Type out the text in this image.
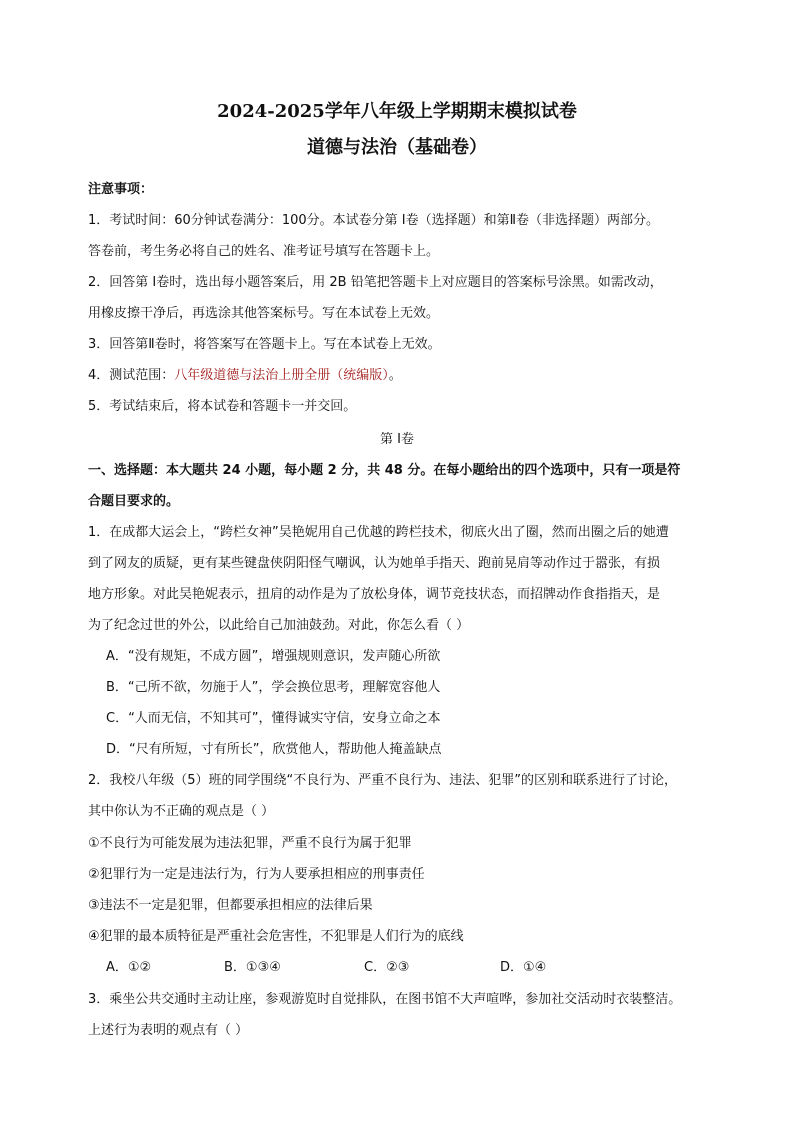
2024-2025学年八年级上学期期末模拟试卷
道德与法治（基础卷）
注意事项：
1．考试时间：60分钟试卷满分：100分。本试卷分第 Ⅰ卷（选择题）和第Ⅱ卷（非选择题）两部分。
答卷前，考生务必将自己的姓名、准考证号填写在答题卡上。
2．回答第 Ⅰ卷时，选出每小题答案后，用 2B 铅笔把答题卡上对应题目的答案标号涂黑。如需改动，
用橡皮擦干净后，再选涂其他答案标号。写在本试卷上无效。
3．回答第Ⅱ卷时，将答案写在答题卡上。写在本试卷上无效。
4．测试范围：八年级道德与法治上册全册（统编版）。
5．考试结束后，将本试卷和答题卡一并交回。
第 Ⅰ卷
一、选择题：本大题共 24 小题，每小题 2 分，共 48 分。在每小题给出的四个选项中，只有一项是符
合题目要求的。
1．在成都大运会上，“跨栏女神”吴艳妮用自己优越的跨栏技术，彻底火出了圈，然而出圈之后的她遭
到了网友的质疑，更有某些键盘侠阴阳怪气嘲讽，认为她单手指天、跑前晃肩等动作过于嚣张，有损
地方形象。对此吴艳妮表示，扭肩的动作是为了放松身体，调节竞技状态，而招牌动作食指指天，是
为了纪念过世的外公，以此给自己加油鼓劲。对此，你怎么看（ ）
A．“没有规矩，不成方圆”，增强规则意识，发声随心所欲
B．“己所不欲，勿施于人”，学会换位思考，理解宽容他人
C．“人而无信，不知其可”，懂得诚实守信，安身立命之本
D．“尺有所短，寸有所长”，欣赏他人，帮助他人掩盖缺点
2．我校八年级（5）班的同学围绕“不良行为、严重不良行为、违法、犯罪”的区别和联系进行了讨论，
其中你认为不正确的观点是（ ）
①不良行为可能发展为违法犯罪，严重不良行为属于犯罪
②犯罪行为一定是违法行为，行为人要承担相应的刑事责任
③违法不一定是犯罪，但都要承担相应的法律后果
④犯罪的最本质特征是严重社会危害性，不犯罪是人们行为的底线
A．①②	B．①③④	C．②③	D．①④
3．乘坐公共交通时主动让座，参观游览时自觉排队，在图书馆不大声喧哗，参加社交活动时衣装整洁。
上述行为表明的观点有（ ）
